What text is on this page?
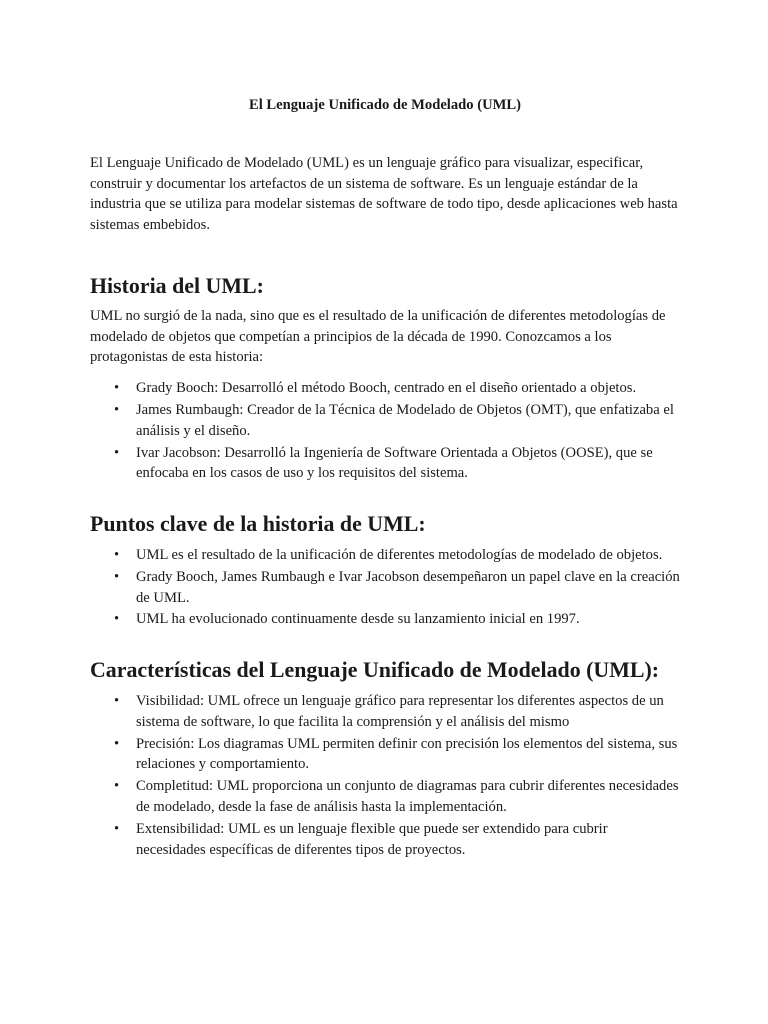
El Lenguaje Unificado de Modelado (UML)

El Lenguaje Unificado de Modelado (UML) es un lenguaje gráfico para visualizar, especificar, construir y documentar los artefactos de un sistema de software. Es un lenguaje estándar de la industria que se utiliza para modelar sistemas de software de todo tipo, desde aplicaciones web hasta sistemas embebidos.

Historia del UML:

UML no surgió de la nada, sino que es el resultado de la unificación de diferentes metodologías de modelado de objetos que competían a principios de la década de 1990. Conozcamos a los protagonistas de esta historia:

• Grady Booch: Desarrolló el método Booch, centrado en el diseño orientado a objetos.
• James Rumbaugh: Creador de la Técnica de Modelado de Objetos (OMT), que enfatizaba el análisis y el diseño.
• Ivar Jacobson: Desarrolló la Ingeniería de Software Orientada a Objetos (OOSE), que se enfocaba en los casos de uso y los requisitos del sistema.
Puntos clave de la historia de UML:
• UML es el resultado de la unificación de diferentes metodologías de modelado de objetos.
• Grady Booch, James Rumbaugh e Ivar Jacobson desempeñaron un papel clave en la creación de UML.
• UML ha evolucionado continuamente desde su lanzamiento inicial en 1997.
Características del Lenguaje Unificado de Modelado (UML):
• Visibilidad: UML ofrece un lenguaje gráfico para representar los diferentes aspectos de un sistema de software, lo que facilita la comprensión y el análisis del mismo
• Precisión: Los diagramas UML permiten definir con precisión los elementos del sistema, sus relaciones y comportamiento.
• Completitud: UML proporciona un conjunto de diagramas para cubrir diferentes necesidades de modelado, desde la fase de análisis hasta la implementación.
• Extensibilidad: UML es un lenguaje flexible que puede ser extendido para cubrir necesidades específicas de diferentes tipos de proyectos.
